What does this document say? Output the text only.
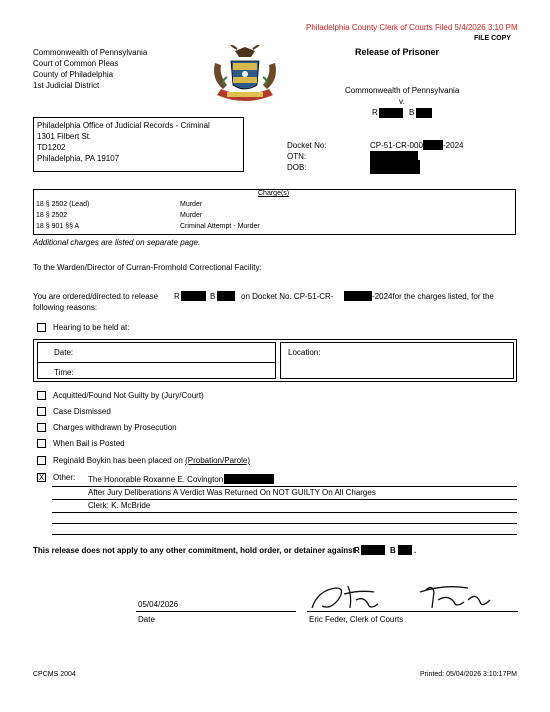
Philadelphia County Clerk of Courts Filed 5/4/2026 3:10 PM
FILE COPY
Commonwealth of Pennsylvania
Court of Common Pleas
County of Philadelphia
1st Judicial District
Release of Prisoner
Commonwealth of Pennsylvania
v.
R	B
Philadelphia Office of Judicial Records - Criminal
1301 Filbert St.
TD1202
Philadelphia, PA 19107
Docket No:	CP-51-CR-000	-2024
OTN:
DOB:
Charge(s)
18 § 2502 (Lead)	Murder
18 § 2502	Murder
18 § 901 §§ A	Criminal Attempt - Murder
Additional charges are listed on separate page.
To the Warden/Director of Curran-Fromhold Correctional Facility:
You are ordered/directed to release R	B	on Docket No. CP-51-CR-	-2024for the charges listed, for the
following reasons:
Hearing to be held at:
Date:
Time:
Location:
Acquitted/Found Not Guilty by (Jury/Court)
Case Dismissed
Charges withdrawn by Prosecution
When Bail is Posted
Reginald Boykin has been placed on (Probation/Parole)
X Other: The Honorable Roxanne E. Covington
After Jury Deliberations A Verdict Was Returned On NOT GUILTY On All Charges
Clerk: K. McBride
This release does not apply to any other commitment, hold order, or detainer against
R	B .
05/04/2026
Date	Eric Feder, Clerk of Courts
CPCMS 2004	Printed: 05/04/2026 3:10:17PM
